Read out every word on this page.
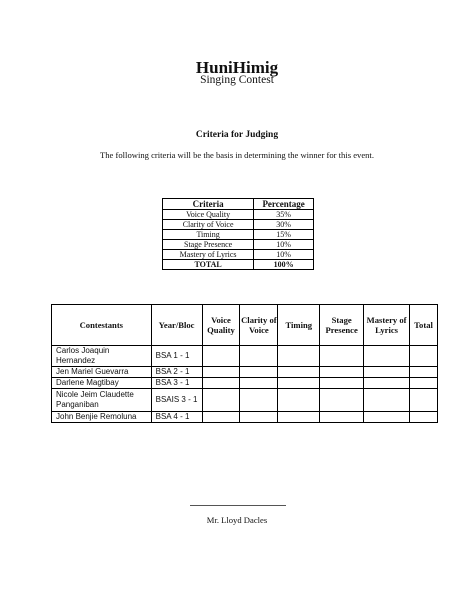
HuniHimig
Singing Contest
Criteria for Judging
The following criteria will be the basis in determining the winner for this event.
Criteria	Percentage
Voice Quality	35%
Clarity of Voice	30%
Timing	15%
Stage Presence	10%
Mastery of Lyrics	10%
TOTAL	100%
Contestants	Year/Bloc	Voice Quality	Clarity of Voice	Timing	Stage Presence	Mastery of Lyrics	Total
Carlos Joaquin Hernandez	BSA 1 - 1						
Jen Mariel Guevarra	BSA 2 - 1						
Darlene Magtibay	BSA 3 - 1						
Nicole Jeim Claudette Panganiban	BSAIS 3 - 1						
John Benjie Remoluna	BSA 4 - 1						
Mr. Lloyd Dacles
